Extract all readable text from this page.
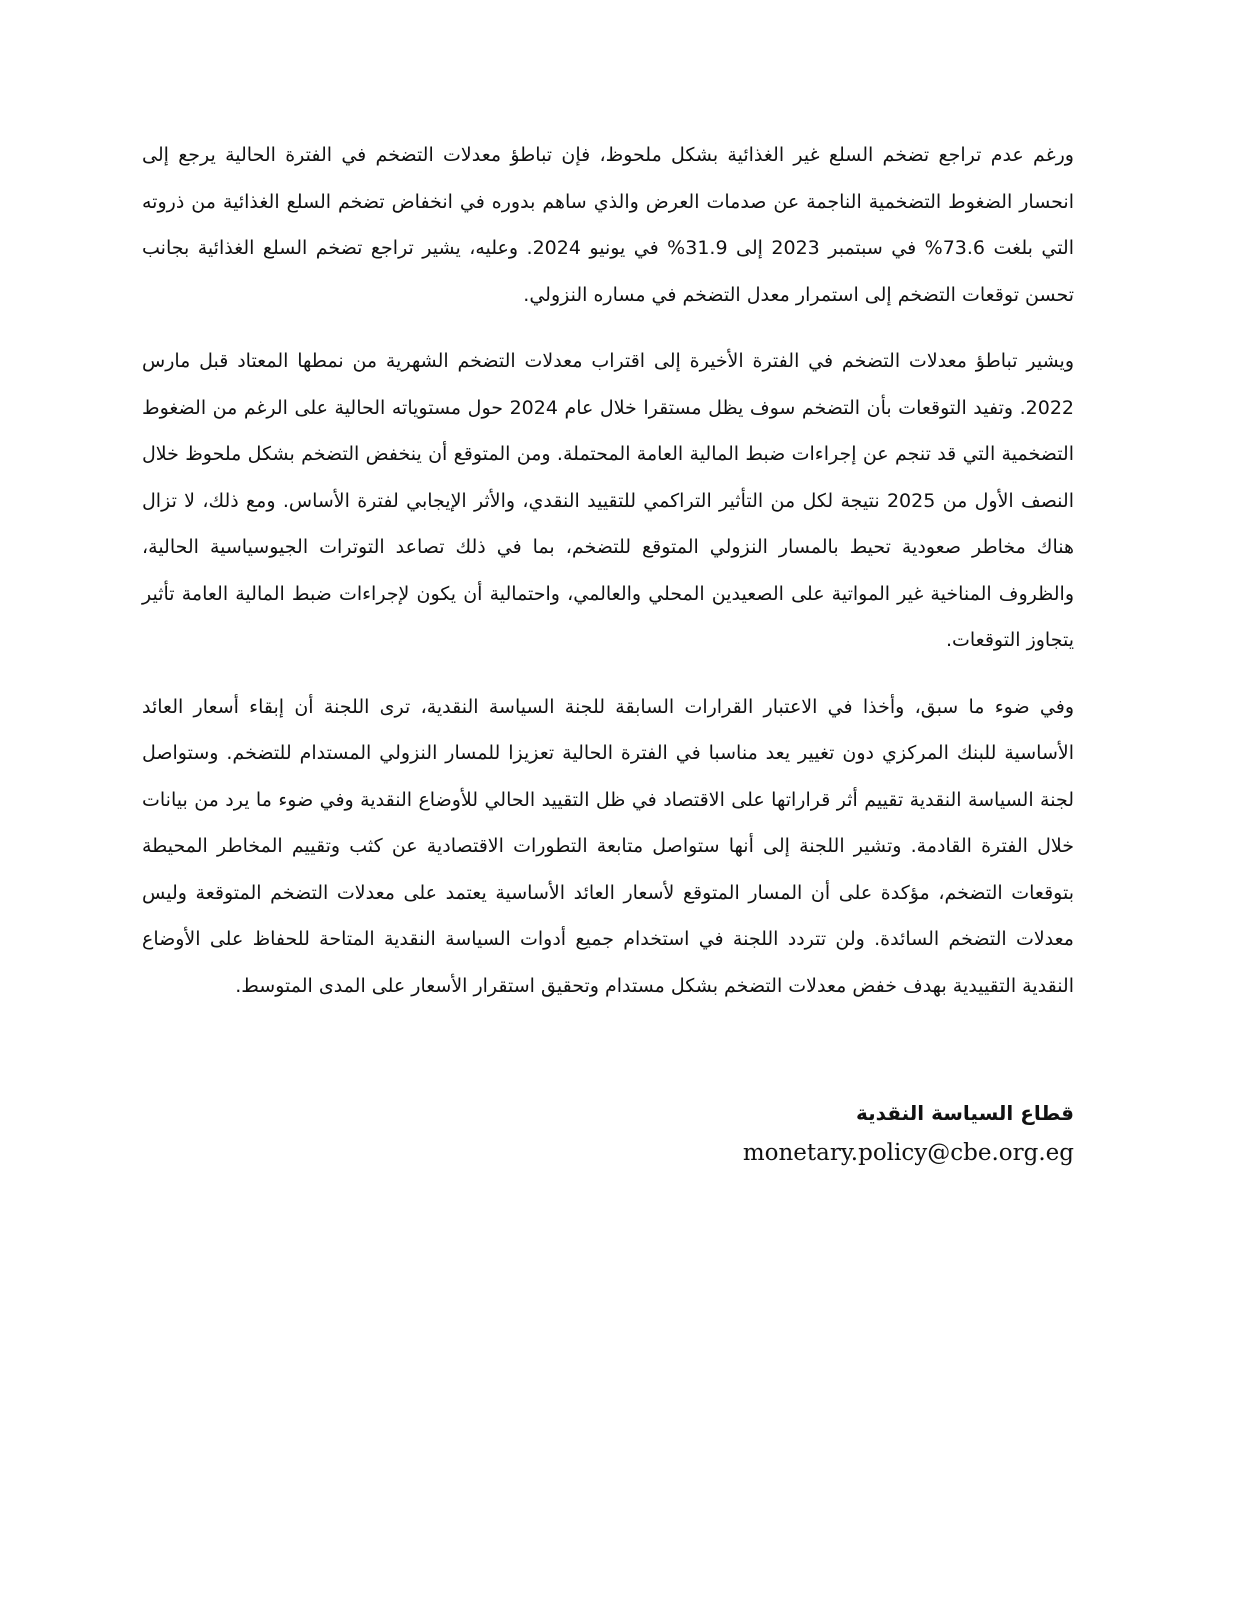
ورغم عدم تراجع تضخم السلع غير الغذائية بشكل ملحوظ، فإن تباطؤ معدلات التضخم في الفترة الحالية يرجع إلى انحسار الضغوط التضخمية الناجمة عن صدمات العرض والذي ساهم بدوره في انخفاض تضخم السلع الغذائية من ذروته التي بلغت 73.6% في سبتمبر 2023 إلى 31.9% في يونيو 2024. وعليه، يشير تراجع تضخم السلع الغذائية بجانب تحسن توقعات التضخم إلى استمرار معدل التضخم في مساره النزولي.

ويشير تباطؤ معدلات التضخم في الفترة الأخيرة إلى اقتراب معدلات التضخم الشهرية من نمطها المعتاد قبل مارس 2022. وتفيد التوقعات بأن التضخم سوف يظل مستقرا خلال عام 2024 حول مستوياته الحالية على الرغم من الضغوط التضخمية التي قد تنجم عن إجراءات ضبط المالية العامة المحتملة. ومن المتوقع أن ينخفض التضخم بشكل ملحوظ خلال النصف الأول من 2025 نتيجة لكل من التأثير التراكمي للتقييد النقدي، والأثر الإيجابي لفترة الأساس. ومع ذلك، لا تزال هناك مخاطر صعودية تحيط بالمسار النزولي المتوقع للتضخم، بما في ذلك تصاعد التوترات الجيوسياسية الحالية، والظروف المناخية غير المواتية على الصعيدين المحلي والعالمي، واحتمالية أن يكون لإجراءات ضبط المالية العامة تأثير يتجاوز التوقعات.

وفي ضوء ما سبق، وأخذا في الاعتبار القرارات السابقة للجنة السياسة النقدية، ترى اللجنة أن إبقاء أسعار العائد الأساسية للبنك المركزي دون تغيير يعد مناسبا في الفترة الحالية تعزيزا للمسار النزولي المستدام للتضخم. وستواصل لجنة السياسة النقدية تقييم أثر قراراتها على الاقتصاد في ظل التقييد الحالي للأوضاع النقدية وفي ضوء ما يرد من بيانات خلال الفترة القادمة. وتشير اللجنة إلى أنها ستواصل متابعة التطورات الاقتصادية عن كثب وتقييم المخاطر المحيطة بتوقعات التضخم، مؤكدة على أن المسار المتوقع لأسعار العائد الأساسية يعتمد على معدلات التضخم المتوقعة وليس معدلات التضخم السائدة. ولن تتردد اللجنة في استخدام جميع أدوات السياسة النقدية المتاحة للحفاظ على الأوضاع النقدية التقييدية بهدف خفض معدلات التضخم بشكل مستدام وتحقيق استقرار الأسعار على المدى المتوسط.

قطاع السياسة النقدية

monetary.policy@cbe.org.eg
